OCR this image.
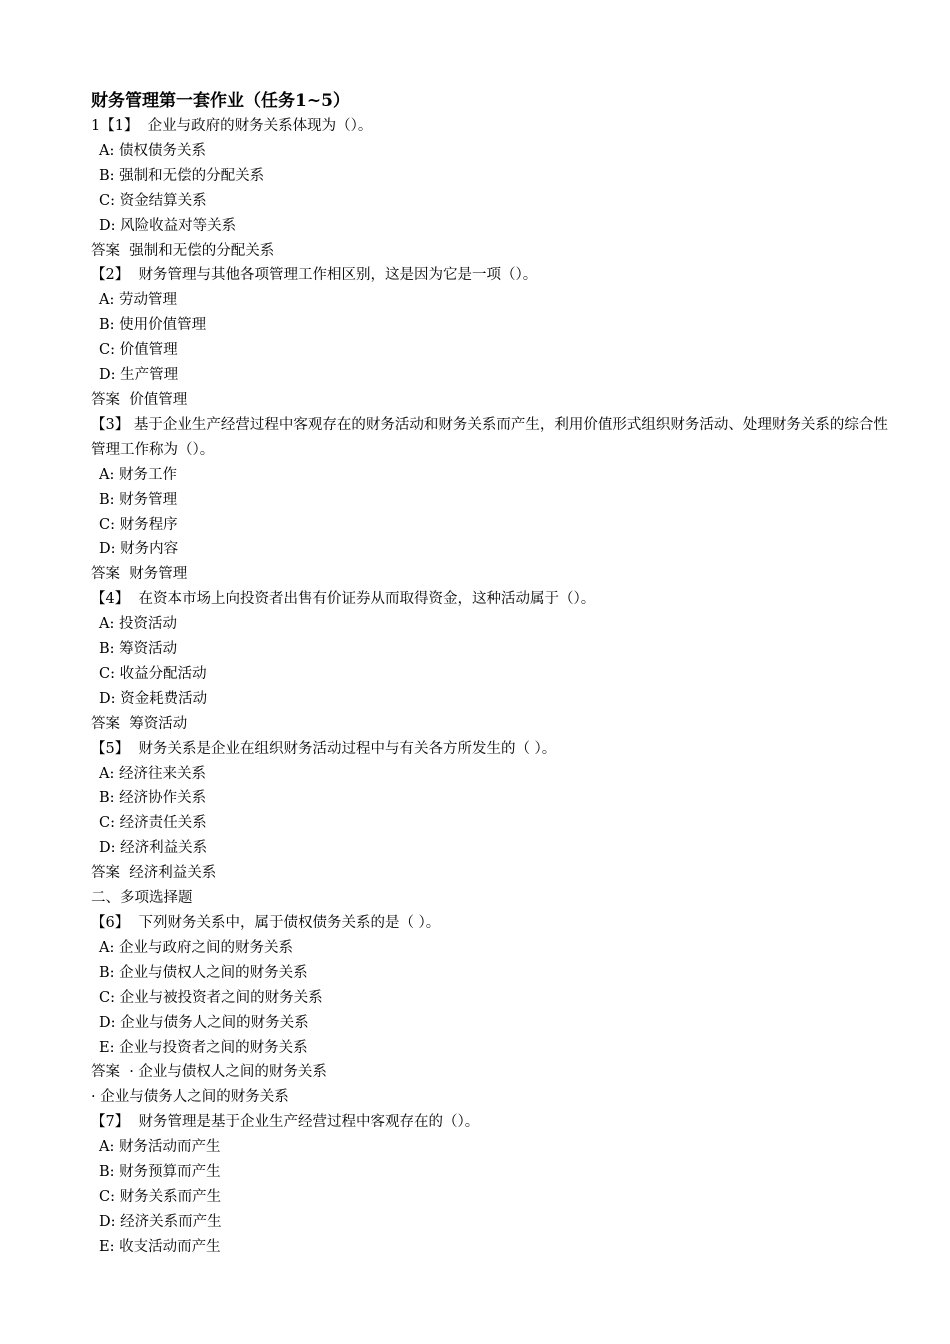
财务管理第一套作业（任务1~5）

1【1】  企业与政府的财务关系体现为（）。

A: 债权债务关系

B: 强制和无偿的分配关系

C: 资金结算关系

D: 风险收益对等关系

答案  强制和无偿的分配关系

【2】  财务管理与其他各项管理工作相区别，这是因为它是一项（）。

A: 劳动管理

B: 使用价值管理

C: 价值管理

D: 生产管理

答案  价值管理

【3】 基于企业生产经营过程中客观存在的财务活动和财务关系而产生，利用价值形式组织财务活动、处理财务关系的综合性管理工作称为（）。

A: 财务工作

B: 财务管理

C: 财务程序

D: 财务内容

答案  财务管理

【4】  在资本市场上向投资者出售有价证券从而取得资金，这种活动属于（）。

A: 投资活动

B: 筹资活动

C: 收益分配活动

D: 资金耗费活动

答案  筹资活动

【5】  财务关系是企业在组织财务活动过程中与有关各方所发生的（ ）。

A: 经济往来关系

B: 经济协作关系

C: 经济责任关系

D: 经济利益关系

答案  经济利益关系

二、多项选择题

【6】  下列财务关系中，属于债权债务关系的是（ ）。

A: 企业与政府之间的财务关系

B: 企业与债权人之间的财务关系

C: 企业与被投资者之间的财务关系

D: 企业与债务人之间的财务关系

E: 企业与投资者之间的财务关系

答案  · 企业与债权人之间的财务关系

· 企业与债务人之间的财务关系

【7】  财务管理是基于企业生产经营过程中客观存在的（）。

A: 财务活动而产生

B: 财务预算而产生

C: 财务关系而产生

D: 经济关系而产生

E: 收支活动而产生
